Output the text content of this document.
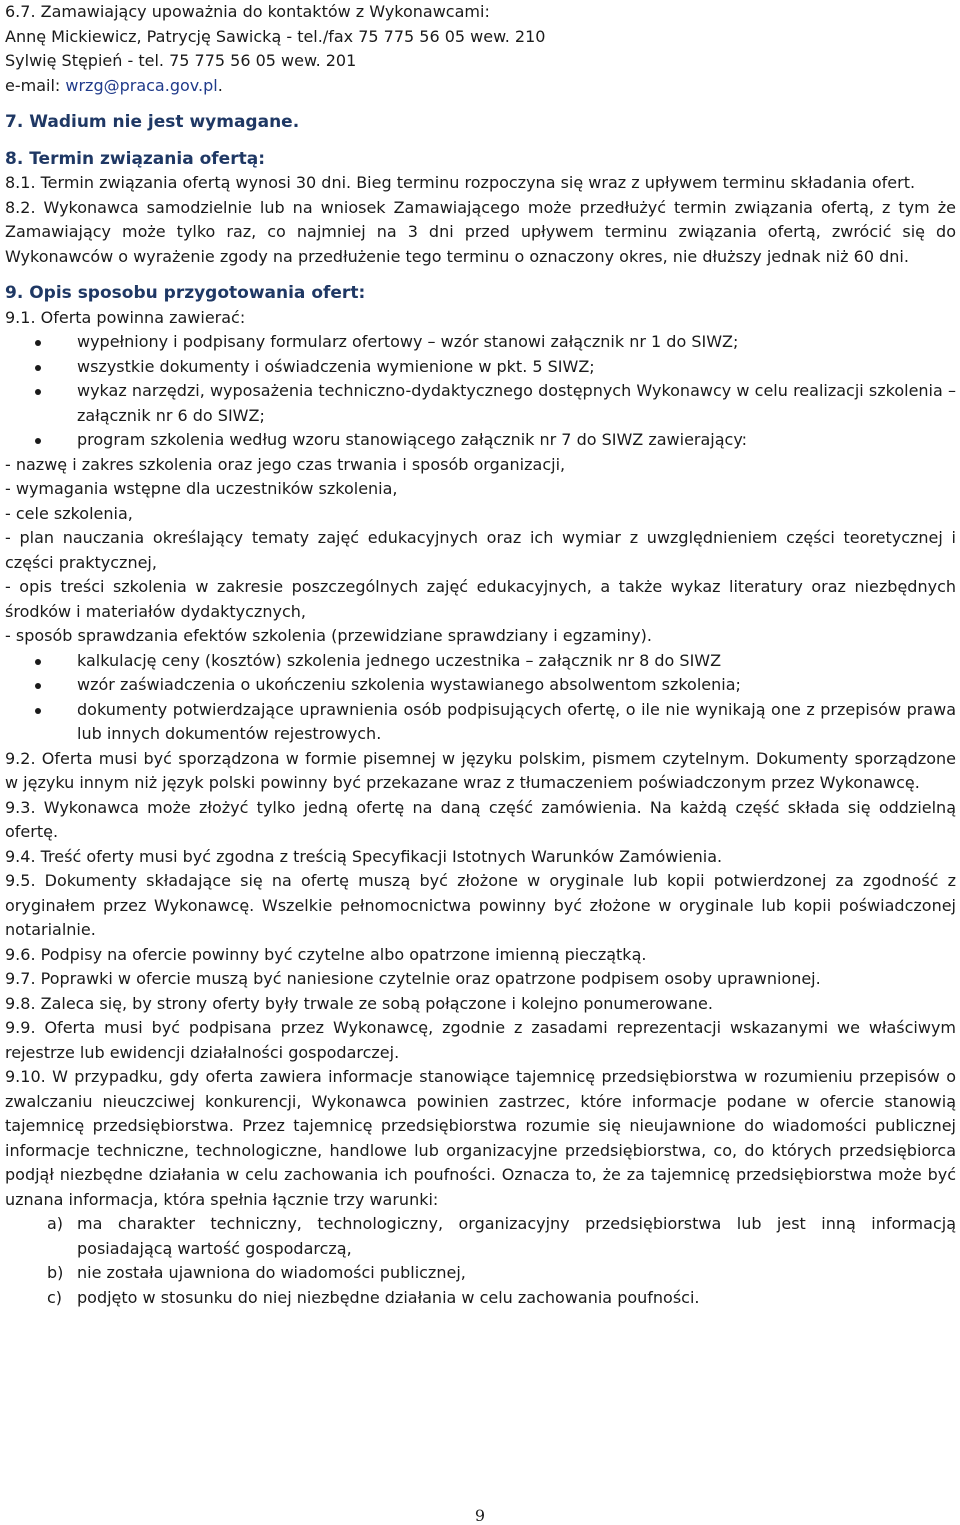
6.7. Zamawiający upoważnia do kontaktów z Wykonawcami:
Annę Mickiewicz, Patrycję Sawicką - tel./fax 75 775 56 05 wew. 210
Sylwię Stępień - tel. 75 775 56 05 wew. 201
e-mail: wrzg@praca.gov.pl.
7. Wadium nie jest wymagane.
8. Termin związania ofertą:
8.1. Termin związania ofertą wynosi 30 dni. Bieg terminu rozpoczyna się wraz z upływem terminu składania ofert.
8.2. Wykonawca samodzielnie lub na wniosek Zamawiającego może przedłużyć termin związania ofertą, z tym że Zamawiający może tylko raz, co najmniej na 3 dni przed upływem terminu związania ofertą, zwrócić się do Wykonawców o wyrażenie zgody na przedłużenie tego terminu o oznaczony okres, nie dłuższy jednak niż 60 dni.
9. Opis sposobu przygotowania ofert:
9.1. Oferta powinna zawierać:
wypełniony i podpisany formularz ofertowy – wzór stanowi załącznik nr 1 do SIWZ;
wszystkie dokumenty i oświadczenia wymienione w pkt. 5 SIWZ;
wykaz narzędzi, wyposażenia techniczno-dydaktycznego dostępnych Wykonawcy w celu realizacji szkolenia – załącznik nr 6 do SIWZ;
program szkolenia według wzoru stanowiącego załącznik nr 7 do SIWZ zawierający:
- nazwę i zakres szkolenia oraz jego czas trwania i sposób organizacji,
- wymagania wstępne dla uczestników szkolenia,
- cele szkolenia,
- plan nauczania określający tematy zajęć edukacyjnych oraz ich wymiar z uwzględnieniem części teoretycznej i części praktycznej,
- opis treści szkolenia w zakresie poszczególnych zajęć edukacyjnych, a także wykaz literatury oraz niezbędnych środków i materiałów dydaktycznych,
- sposób sprawdzania efektów szkolenia (przewidziane sprawdziany i egzaminy).
kalkulację ceny (kosztów) szkolenia jednego uczestnika – załącznik nr 8 do SIWZ
wzór zaświadczenia o ukończeniu szkolenia wystawianego absolwentom szkolenia;
dokumenty potwierdzające uprawnienia osób podpisujących ofertę, o ile nie wynikają one z przepisów prawa lub innych dokumentów rejestrowych.
9.2. Oferta musi być sporządzona w formie pisemnej w języku polskim, pismem czytelnym. Dokumenty sporządzone w języku innym niż język polski powinny być przekazane wraz z tłumaczeniem poświadczonym przez Wykonawcę.
9.3. Wykonawca może złożyć tylko jedną ofertę na daną część zamówienia. Na każdą część składa się oddzielną ofertę.
9.4. Treść oferty musi być zgodna z treścią Specyfikacji Istotnych Warunków Zamówienia.
9.5. Dokumenty składające się na ofertę muszą być złożone w oryginale lub kopii potwierdzonej za zgodność z oryginałem przez Wykonawcę. Wszelkie pełnomocnictwa powinny być złożone w oryginale lub kopii poświadczonej notarialnie.
9.6. Podpisy na ofercie powinny być czytelne albo opatrzone imienną pieczątką.
9.7. Poprawki w ofercie muszą być naniesione czytelnie oraz opatrzone podpisem osoby uprawnionej.
9.8. Zaleca się, by strony oferty były trwale ze sobą połączone i kolejno ponumerowane.
9.9. Oferta musi być podpisana przez Wykonawcę, zgodnie z zasadami reprezentacji wskazanymi we właściwym rejestrze lub ewidencji działalności gospodarczej.
9.10. W przypadku, gdy oferta zawiera informacje stanowiące tajemnicę przedsiębiorstwa w rozumieniu przepisów o zwalczaniu nieuczciwej konkurencji, Wykonawca powinien zastrzec, które informacje podane w ofercie stanowią tajemnicę przedsiębiorstwa. Przez tajemnicę przedsiębiorstwa rozumie się nieujawnione do wiadomości publicznej informacje techniczne, technologiczne, handlowe lub organizacyjne przedsiębiorstwa, co, do których przedsiębiorca podjął niezbędne działania w celu zachowania ich poufności. Oznacza to, że za tajemnicę przedsiębiorstwa może być uznana informacja, która spełnia łącznie trzy warunki:
a) ma charakter techniczny, technologiczny, organizacyjny przedsiębiorstwa lub jest inną informacją posiadającą wartość gospodarczą,
b) nie została ujawniona do wiadomości publicznej,
c) podjęto w stosunku do niej niezbędne działania w celu zachowania poufności.
9
